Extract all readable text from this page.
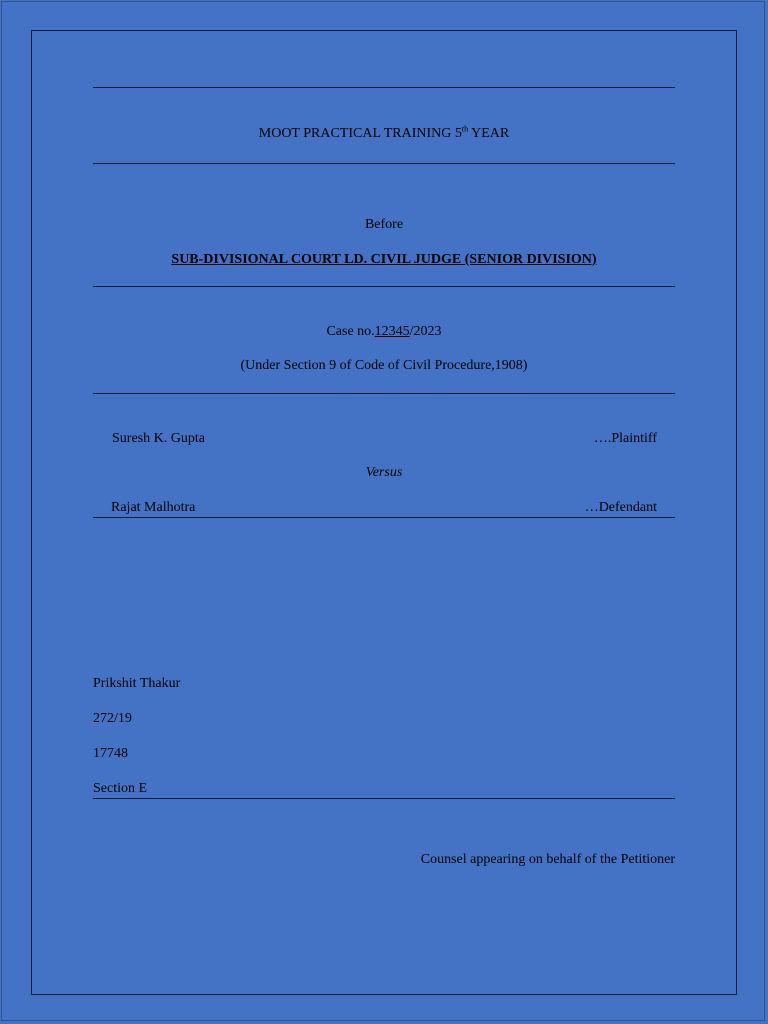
MOOT PRACTICAL TRAINING 5th YEAR
Before
SUB-DIVISIONAL COURT LD. CIVIL JUDGE (SENIOR DIVISION)
Case no.12345/2023
(Under Section 9 of Code of Civil Procedure,1908)
Suresh K. Gupta	….Plaintiff
Versus
Rajat Malhotra	…Defendant
Prikshit Thakur
272/19
17748
Section E
Counsel appearing on behalf of the Petitioner
